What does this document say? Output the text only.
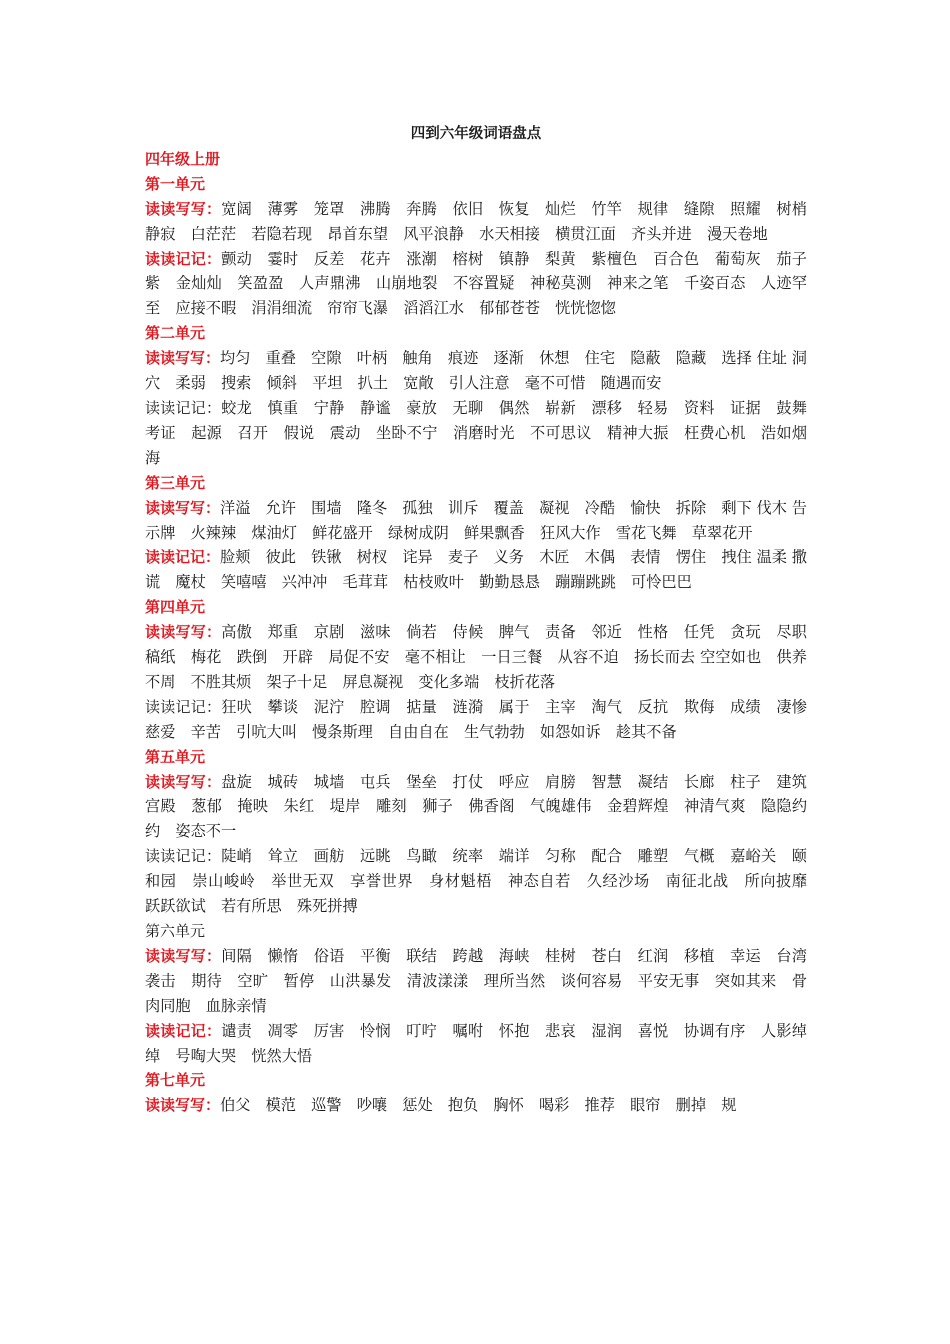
四到六年级词语盘点
四年级上册
第一单元
读读写写：宽阔　薄雾　笼罩　沸腾　奔腾　依旧　恢复　灿烂　竹竿　规律　缝隙　照耀　树梢　静寂　白茫茫　若隐若现　昂首东望　风平浪静　水天相接　横贯江面　齐头并进　漫天卷地
读读记记：颤动　霎时　反差　花卉　涨潮　榕树　镇静　梨黄　紫檀色　百合色　葡萄灰　茄子紫　金灿灿　笑盈盈　人声鼎沸　山崩地裂　不容置疑　神秘莫测　神来之笔　千姿百态　人迹罕至　应接不暇　涓涓细流　帘帘飞瀑　滔滔江水　郁郁苍苍　恍恍惚惚
第二单元
读读写写：均匀　重叠　空隙　叶柄　触角　痕迹　逐渐　休想　住宅　隐蔽　隐藏　选择 住址 洞穴　柔弱　搜索　倾斜　平坦　扒土　宽敞　引人注意　毫不可惜　随遇而安
读读记记：蛟龙　慎重　宁静　静谧　豪放　无聊　偶然　崭新　漂移　轻易　资料　证据　鼓舞　考证　起源　召开　假说　震动　坐卧不宁　消磨时光　不可思议　精神大振　枉费心机　浩如烟海
第三单元
读读写写：洋溢　允许　围墙　隆冬　孤独　训斥　覆盖　凝视　冷酷　愉快　拆除　剩下 伐木 告示牌　火辣辣　煤油灯　鲜花盛开　绿树成阴　鲜果飘香　狂风大作　雪花飞舞　草翠花开
读读记记：脸颊　彼此　铁锹　树杈　诧异　麦子　义务　木匠　木偶　表情　愣住　拽住 温柔 撒谎　魔杖　笑嘻嘻　兴冲冲　毛茸茸　枯枝败叶　勤勤恳恳　蹦蹦跳跳　可怜巴巴
第四单元
读读写写：高傲　郑重　京剧　滋味　倘若　侍候　脾气　责备　邻近　性格　任凭　贪玩　尽职 稿纸　梅花　跌倒　开辟　局促不安　毫不相让　一日三餐　从容不迫　扬长而去 空空如也　供养不周　不胜其烦　架子十足　屏息凝视　变化多端　枝折花落
读读记记：狂吠　攀谈　泥泞　腔调　掂量　涟漪　属于　主宰　淘气　反抗　欺侮　成绩　凄惨　慈爱　辛苦　引吭大叫　慢条斯理　自由自在　生气勃勃　如怨如诉　趁其不备
第五单元
读读写写：盘旋　城砖　城墙　屯兵　堡垒　打仗　呼应　肩膀　智慧　凝结　长廊　柱子　建筑　宫殿　葱郁　掩映　朱红　堤岸　雕刻　狮子　佛香阁　气魄雄伟　金碧辉煌　神清气爽　隐隐约约　姿态不一
读读记记：陡峭　耸立　画舫　远眺　鸟瞰　统率　端详　匀称　配合　雕塑　气概　嘉峪关　颐和园　崇山峻岭　举世无双　享誉世界　身材魁梧　神态自若　久经沙场　南征北战　所向披靡　跃跃欲试　若有所思　殊死拼搏
第六单元
读读写写：间隔　懒惰　俗语　平衡　联结　跨越　海峡　桂树　苍白　红润　移植　幸运　台湾　袭击　期待　空旷　暂停　山洪暴发　清波漾漾　理所当然　谈何容易　平安无事　突如其来　骨肉同胞　血脉亲情
读读记记：谴责　凋零　厉害　怜悯　叮咛　嘱咐　怀抱　悲哀　湿润　喜悦　协调有序　人影绰绰　号啕大哭　恍然大悟
第七单元
读读写写：伯父　模范　巡警　吵嚷　惩处　抱负　胸怀　喝彩　推荐　眼帘　删掉　规
